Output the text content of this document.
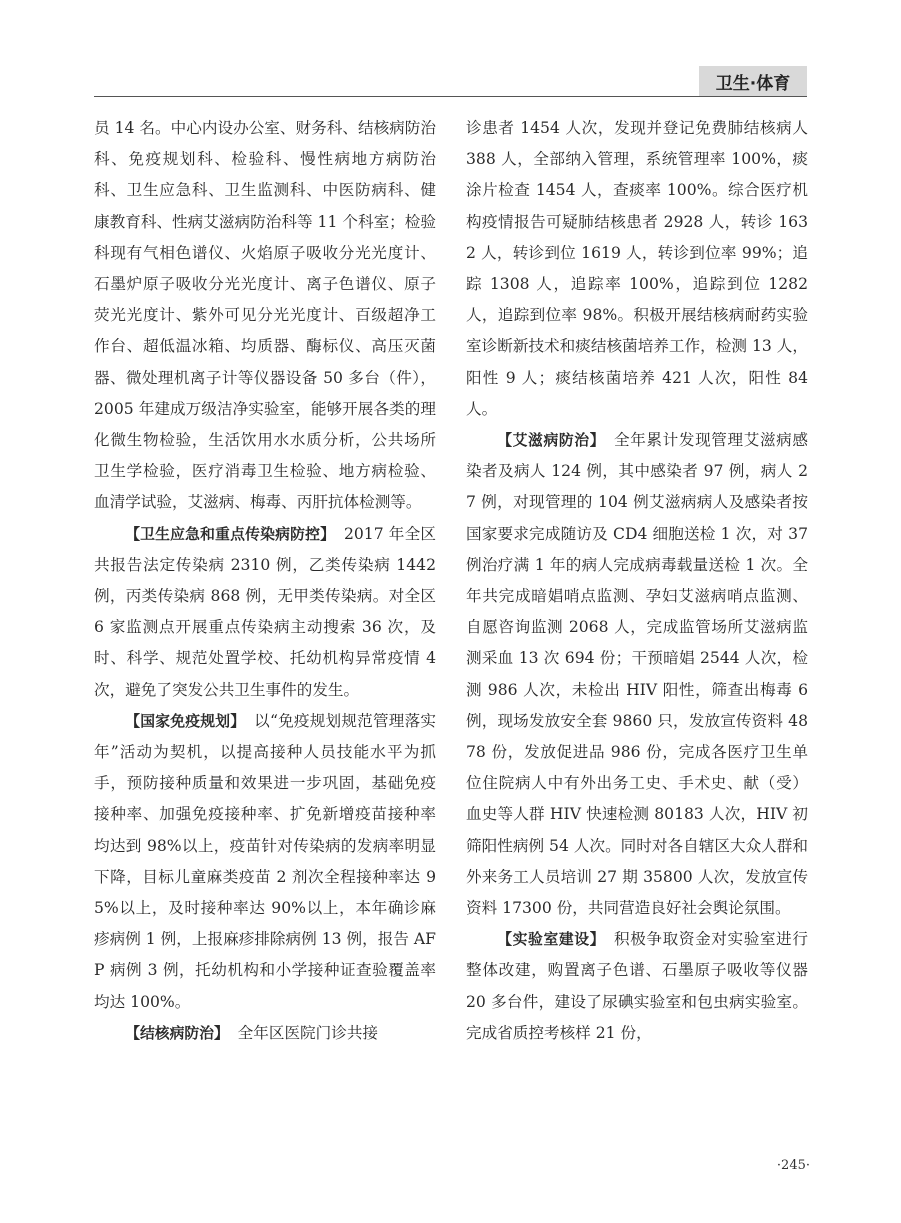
卫生·体育

员 14 名。中心内设办公室、财务科、结核病防治科、免疫规划科、检验科、慢性病地方病防治科、卫生应急科、卫生监测科、中医防病科、健康教育科、性病艾滋病防治科等 11 个科室；检验科现有气相色谱仪、火焰原子吸收分光光度计、石墨炉原子吸收分光光度计、离子色谱仪、原子荧光光度计、紫外可见分光光度计、百级超净工作台、超低温冰箱、均质器、酶标仪、高压灭菌器、微处理机离子计等仪器设备 50 多台（件），2005 年建成万级洁净实验室，能够开展各类的理化微生物检验，生活饮用水水质分析，公共场所卫生学检验，医疗消毒卫生检验、地方病检验、血清学试验，艾滋病、梅毒、丙肝抗体检测等。

【卫生应急和重点传染病防控】 2017 年全区共报告法定传染病 2310 例，乙类传染病 1442 例，丙类传染病 868 例，无甲类传染病。对全区 6 家监测点开展重点传染病主动搜索 36 次，及时、科学、规范处置学校、托幼机构异常疫情 4 次，避免了突发公共卫生事件的发生。

【国家免疫规划】 以“免疫规划规范管理落实年”活动为契机，以提高接种人员技能水平为抓手，预防接种质量和效果进一步巩固，基础免疫接种率、加强免疫接种率、扩免新增疫苗接种率均达到 98%以上，疫苗针对传染病的发病率明显下降，目标儿童麻类疫苗 2 剂次全程接种率达 95%以上，及时接种率达 90%以上，本年确诊麻疹病例 1 例，上报麻疹排除病例 13 例，报告 AFP 病例 3 例，托幼机构和小学接种证查验覆盖率均达 100%。

【结核病防治】 全年区医院门诊共接

诊患者 1454 人次，发现并登记免费肺结核病人 388 人，全部纳入管理，系统管理率 100%，痰涂片检查 1454 人，查痰率 100%。综合医疗机构疫情报告可疑肺结核患者 2928 人，转诊 1632 人，转诊到位 1619 人，转诊到位率 99%；追踪 1308 人，追踪率 100%，追踪到位 1282 人，追踪到位率 98%。积极开展结核病耐药实验室诊断新技术和痰结核菌培养工作，检测 13 人，阳性 9 人；痰结核菌培养 421 人次，阳性 84 人。

【艾滋病防治】 全年累计发现管理艾滋病感染者及病人 124 例，其中感染者 97 例，病人 27 例，对现管理的 104 例艾滋病病人及感染者按国家要求完成随访及 CD4 细胞送检 1 次，对 37 例治疗满 1 年的病人完成病毒载量送检 1 次。全年共完成暗娼哨点监测、孕妇艾滋病哨点监测、自愿咨询监测 2068 人，完成监管场所艾滋病监测采血 13 次 694 份；干预暗娼 2544 人次，检测 986 人次，未检出 HIV 阳性，筛查出梅毒 6 例，现场发放安全套 9860 只，发放宣传资料 4878 份，发放促进品 986 份，完成各医疗卫生单位住院病人中有外出务工史、手术史、献（受）血史等人群 HIV 快速检测 80183 人次，HIV 初筛阳性病例 54 人次。同时对各自辖区大众人群和外来务工人员培训 27 期 35800 人次，发放宣传资料 17300 份，共同营造良好社会舆论氛围。

【实验室建设】 积极争取资金对实验室进行整体改建，购置离子色谱、石墨原子吸收等仪器 20 多台件，建设了尿碘实验室和包虫病实验室。完成省质控考核样 21 份，

·245·
